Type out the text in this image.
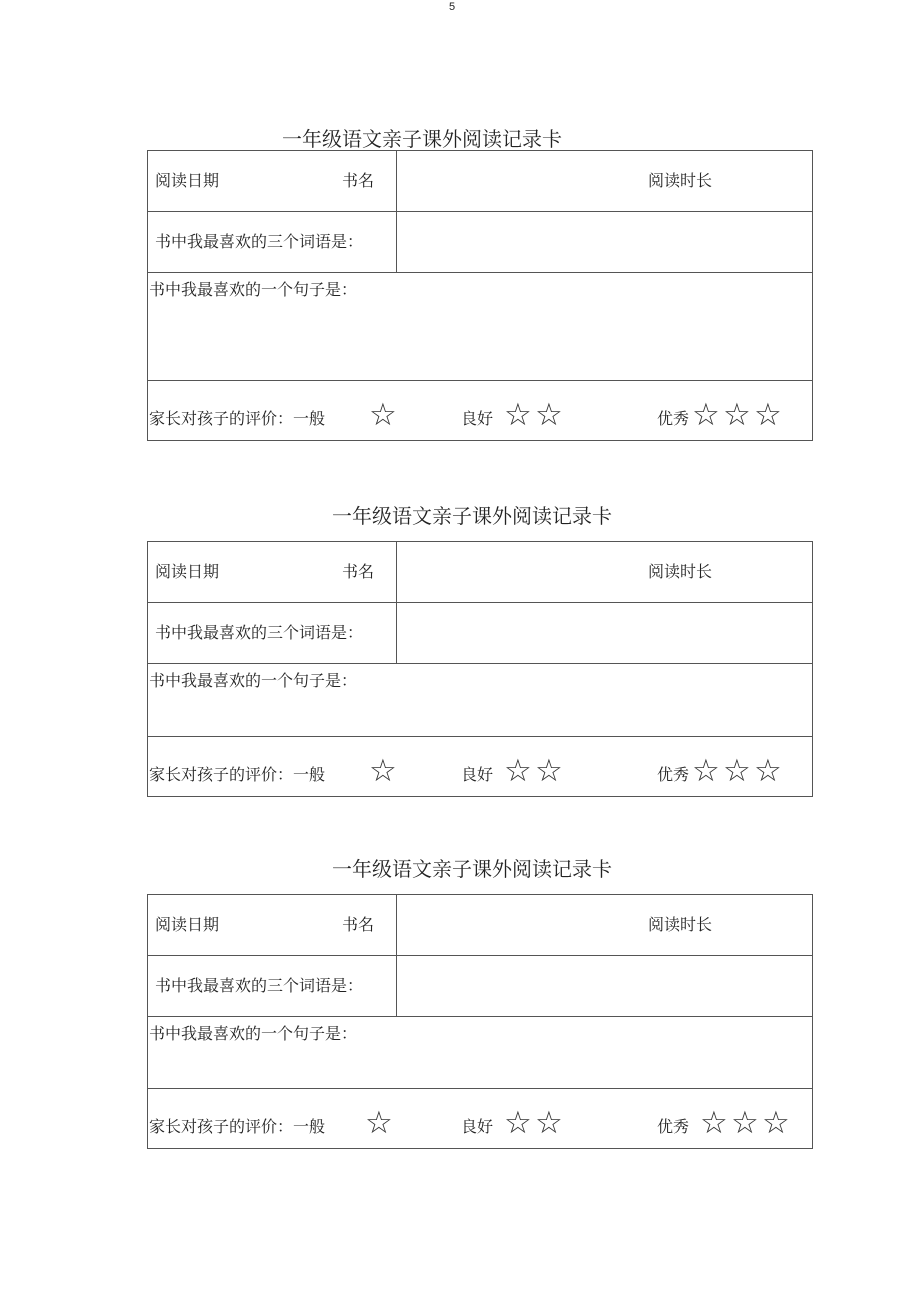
5
一年级语文亲子课外阅读记录卡
阅读日期	书名	阅读时长
书中我最喜欢的三个词语是：
书中我最喜欢的一个句子是：
家长对孩子的评价：一般 ☆	良好 ☆ ☆	优秀 ☆ ☆ ☆
一年级语文亲子课外阅读记录卡
阅读日期	书名	阅读时长
书中我最喜欢的三个词语是：
书中我最喜欢的一个句子是：
家长对孩子的评价：一般 ☆	良好 ☆ ☆	优秀 ☆ ☆ ☆
一年级语文亲子课外阅读记录卡
阅读日期	书名	阅读时长
书中我最喜欢的三个词语是：
书中我最喜欢的一个句子是：
家长对孩子的评价：一般 ☆	良好 ☆ ☆	优秀 ☆ ☆ ☆
